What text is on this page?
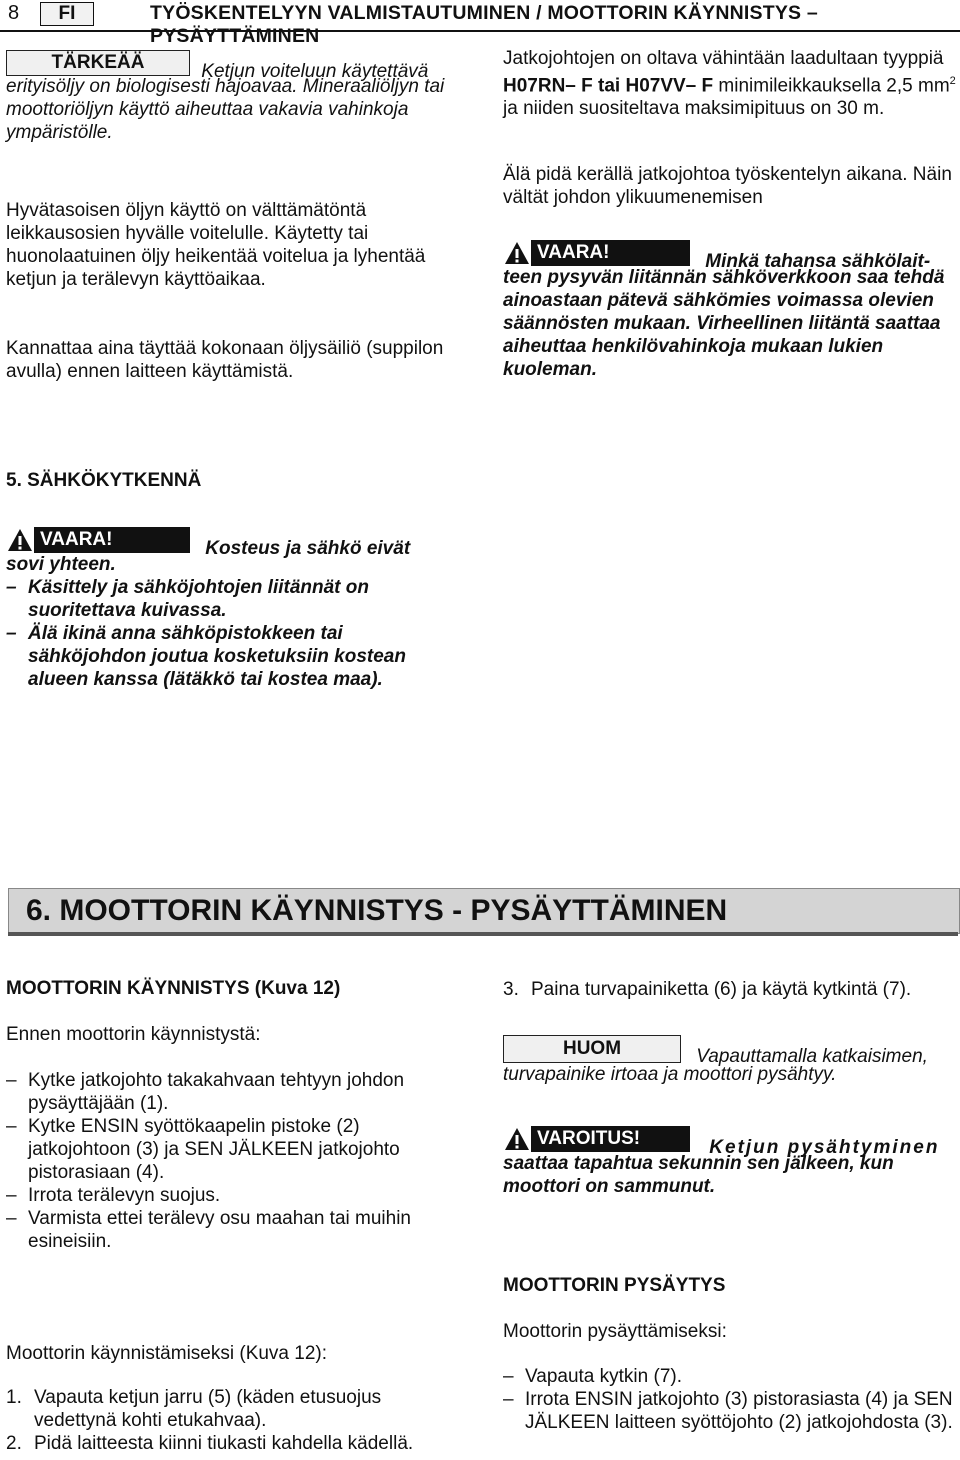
8	FI	TYÖSKENTELYYN VALMISTAUTUMINEN / MOOTTORIN KÄYNNISTYS – PYSÄYTTÄMINEN
TÄRKEÄÄ	Ketjun voiteluun käytettävä

erityisöljy on biologisesti hajoavaa. Mineraaliöljyn tai moottoriöljyn käyttö aiheuttaa vakavia vahinkoja ympäristölle.

Hyvätasoisen öljyn käyttö on välttämätöntä leikkausosien hyvälle voitelulle. Käytetty tai huonolaatuinen öljy heikentää voitelua ja lyhentää ketjun ja terälevyn käyttöaikaa.

Kannattaa aina täyttää kokonaan öljysäiliö (suppilon avulla) ennen laitteen käyttämistä.

Jatkojohtojen on oltava vähintään laadultaan tyyppiä H07RN– F tai H07VV– F minimileikkauksella 2,5 $mm^2$ ja niiden suositeltava maksimipituus on 30 m.

Älä pidä kerällä jatkojohtoa työskentelyn aikana. Näin vältät johdon ylikuumenemisen

VAARA!	Minkä tahansa sähkölait-

teen pysyvän liitännän sähköverkkoon saa tehdä ainoastaan pätevä sähkömies voimassa olevien säännösten mukaan. Virheellinen liitäntä saattaa aiheuttaa henkilövahinkoja mukaan lukien kuoleman.

5. SÄHKÖKYTKENNÄ
VAARA!	Kosteus ja sähkö eivät

sovi yhteen.

– Käsittely ja sähköjohtojen liitännät on suoritettava kuivassa.
– Älä ikinä anna sähköpistokkeen tai sähköjohdon joutua kosketuksiin kostean alueen kanssa (lätäkkö tai kostea maa).
6. MOOTTORIN KÄYNNISTYS - PYSÄYTTÄMINEN
MOOTTORIN KÄYNNISTYS (Kuva 12)

Ennen moottorin käynnistystä:

– Kytke jatkojohto takakahvaan tehtyyn johdon pysäyttäjään (1).
– Kytke ENSIN syöttökaapelin pistoke (2) jatkojohtoon (3) ja SEN JÄLKEEN jatkojohto pistorasiaan (4).
– Irrota terälevyn suojus.
– Varmista ettei terälevy osu maahan tai muihin esineisiin.

Moottorin käynnistämiseksi (Kuva 12):

1. Vapauta ketjun jarru (5) (käden etusuojus vedettynä kohti etukahvaa).
2. Pidä laitteesta kiinni tiukasti kahdella kädellä.
3. Paina turvapainiketta (6) ja käytä kytkintä (7).
HUOM	Vapauttamalla katkaisimen,

turvapainike irtoaa ja moottori pysähtyy.

VAROITUS!	Ketjun pysähtyminen

saattaa tapahtua sekunnin sen jälkeen, kun moottori on sammunut.

MOOTTORIN PYSÄYTYS

Moottorin pysäyttämiseksi:

– Vapauta kytkin (7).
– Irrota ENSIN jatkojohto (3) pistorasiasta (4) ja SEN JÄLKEEN laitteen syöttöjohto (2) jatkojohdosta (3).
